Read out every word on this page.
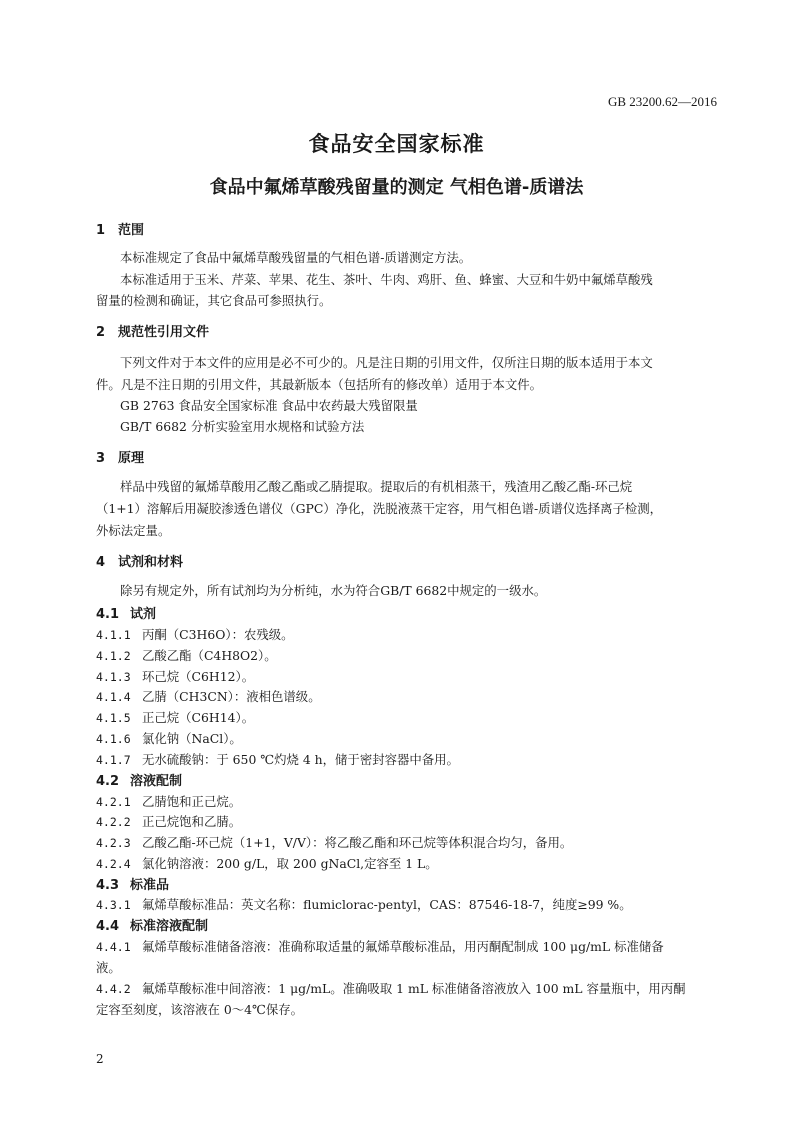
GB 23200.62—2016
食品安全国家标准
食品中氟烯草酸残留量的测定 气相色谱-质谱法
1 范围
本标准规定了食品中氟烯草酸残留量的气相色谱-质谱测定方法。
本标准适用于玉米、芹菜、苹果、花生、茶叶、牛肉、鸡肝、鱼、蜂蜜、大豆和牛奶中氟烯草酸残
留量的检测和确证，其它食品可参照执行。
2 规范性引用文件
下列文件对于本文件的应用是必不可少的。凡是注日期的引用文件，仅所注日期的版本适用于本文
件。凡是不注日期的引用文件，其最新版本（包括所有的修改单）适用于本文件。
GB 2763 食品安全国家标准 食品中农药最大残留限量
GB/T 6682 分析实验室用水规格和试验方法
3 原理
样品中残留的氟烯草酸用乙酸乙酯或乙腈提取。提取后的有机相蒸干，残渣用乙酸乙酯-环己烷
（1+1）溶解后用凝胶渗透色谱仪（GPC）净化，洗脱液蒸干定容，用气相色谱-质谱仪选择离子检测，
外标法定量。
4 试剂和材料
除另有规定外，所有试剂均为分析纯，水为符合GB/T 6682中规定的一级水。
4.1 试剂
4.1.1 丙酮（C3H6O）：农残级。
4.1.2 乙酸乙酯（C4H8O2）。
4.1.3 环己烷（C6H12）。
4.1.4 乙腈（CH3CN）：液相色谱级。
4.1.5 正己烷（C6H14）。
4.1.6 氯化钠（NaCl）。
4.1.7 无水硫酸钠：于 650 ℃灼烧 4 h，储于密封容器中备用。
4.2 溶液配制
4.2.1 乙腈饱和正己烷。
4.2.2 正己烷饱和乙腈。
4.2.3 乙酸乙酯-环己烷（1+1，V/V）：将乙酸乙酯和环己烷等体积混合均匀，备用。
4.2.4 氯化钠溶液：200 g/L，取 200 gNaCl,定容至 1 L。
4.3 标准品
4.3.1 氟烯草酸标准品：英文名称：flumiclorac-pentyl，CAS：87546-18-7，纯度≥99 %。
4.4 标准溶液配制
4.4.1 氟烯草酸标准储备溶液：准确称取适量的氟烯草酸标准品，用丙酮配制成 100 μg/mL 标准储备
液。
4.4.2 氟烯草酸标准中间溶液：1 μg/mL。准确吸取 1 mL 标准储备溶液放入 100 mL 容量瓶中，用丙酮
定容至刻度，该溶液在 0～4℃保存。
2
